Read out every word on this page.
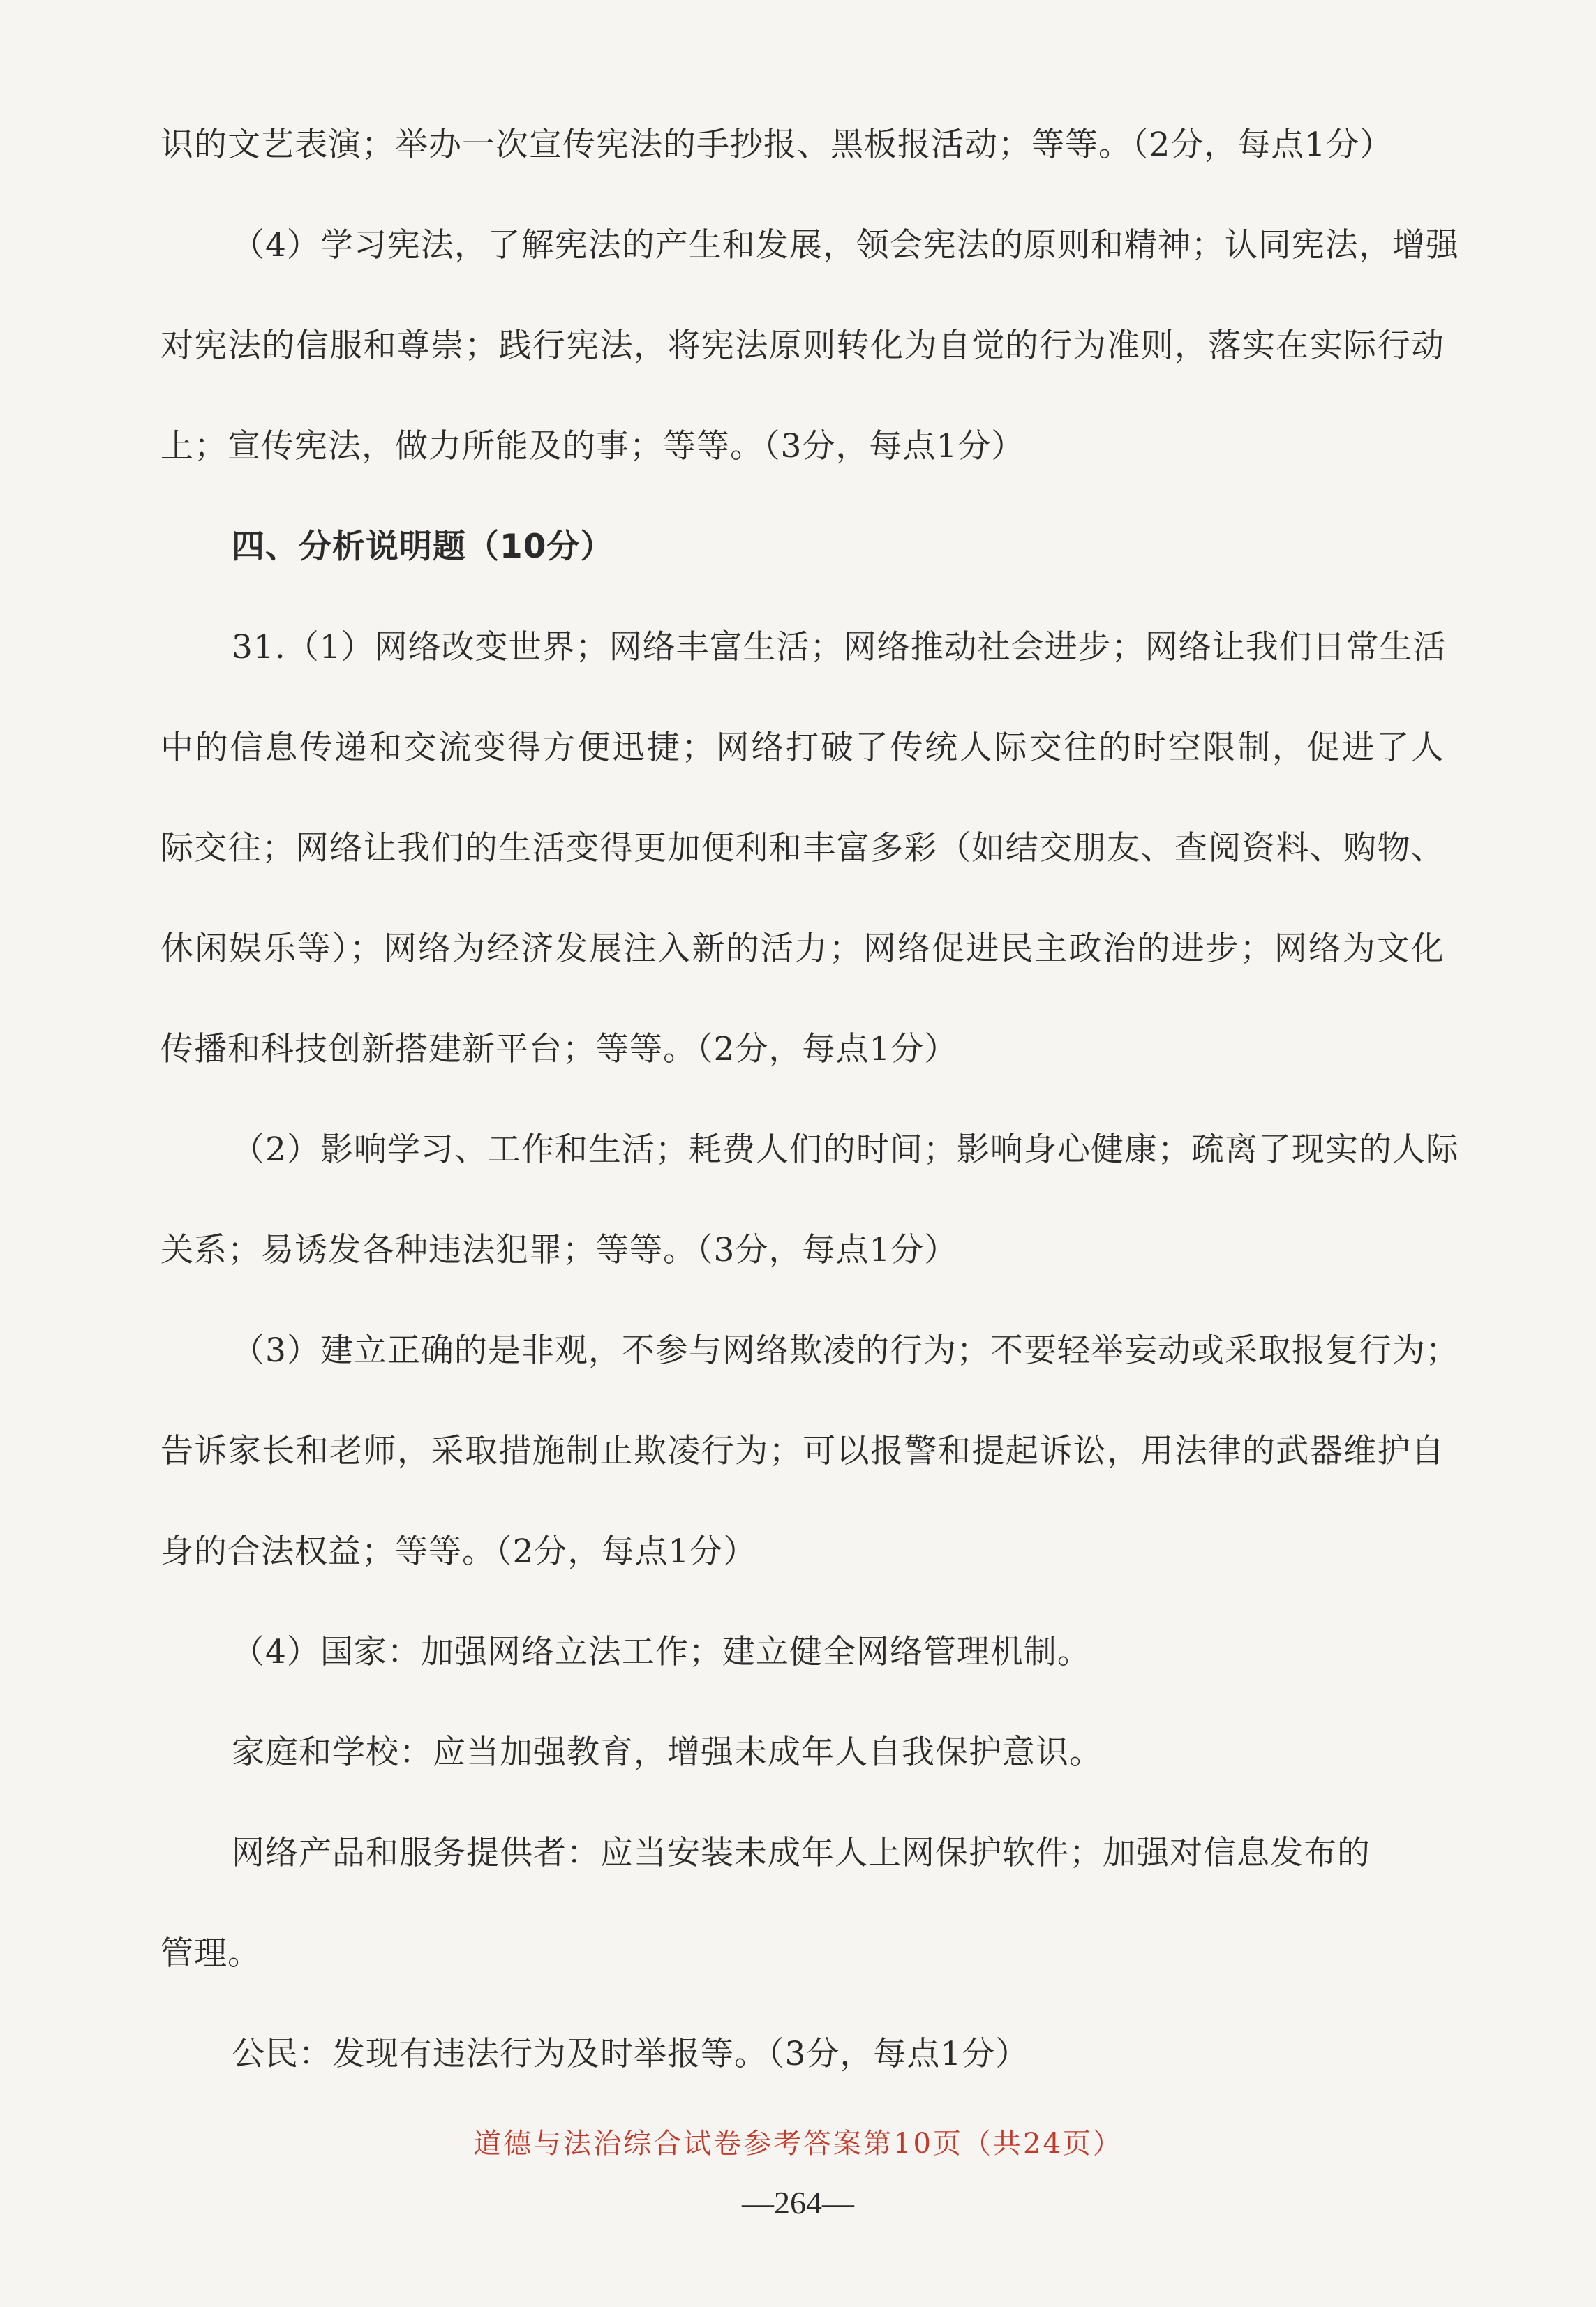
识的文艺表演；举办一次宣传宪法的手抄报、黑板报活动；等等。（2分，每点1分）
（4）学习宪法，了解宪法的产生和发展，领会宪法的原则和精神；认同宪法，增强
对宪法的信服和尊崇；践行宪法，将宪法原则转化为自觉的行为准则，落实在实际行动
上；宣传宪法，做力所能及的事；等等。（3分，每点1分）
四、分析说明题（10分）
31.（1）网络改变世界；网络丰富生活；网络推动社会进步；网络让我们日常生活
中的信息传递和交流变得方便迅捷；网络打破了传统人际交往的时空限制，促进了人
际交往；网络让我们的生活变得更加便利和丰富多彩（如结交朋友、查阅资料、购物、
休闲娱乐等）；网络为经济发展注入新的活力；网络促进民主政治的进步；网络为文化
传播和科技创新搭建新平台；等等。（2分，每点1分）
（2）影响学习、工作和生活；耗费人们的时间；影响身心健康；疏离了现实的人际
关系；易诱发各种违法犯罪；等等。（3分，每点1分）
（3）建立正确的是非观，不参与网络欺凌的行为；不要轻举妄动或采取报复行为；
告诉家长和老师，采取措施制止欺凌行为；可以报警和提起诉讼，用法律的武器维护自
身的合法权益；等等。（2分，每点1分）
（4）国家：加强网络立法工作；建立健全网络管理机制。
家庭和学校：应当加强教育，增强未成年人自我保护意识。
网络产品和服务提供者：应当安装未成年人上网保护软件；加强对信息发布的
管理。
公民：发现有违法行为及时举报等。（3分，每点1分）
道德与法治综合试卷参考答案第10页（共24页）
—264—
